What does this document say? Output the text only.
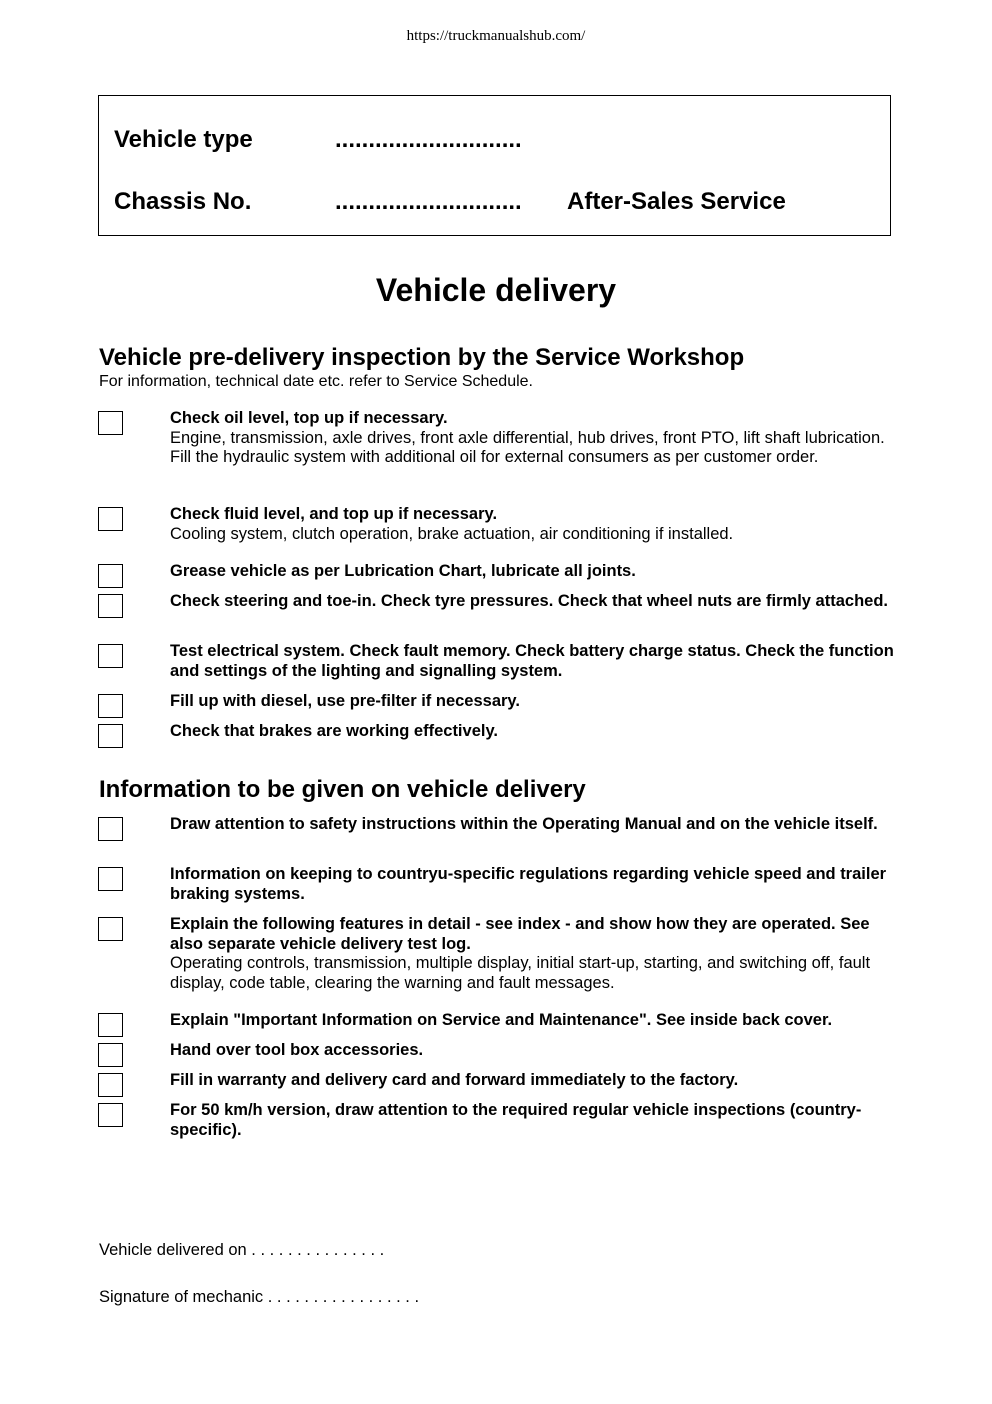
https://truckmanualshub.com/
Vehicle type	............................
Chassis No.	............................ After-Sales Service
Vehicle delivery
Vehicle pre-delivery inspection by the Service Workshop
For information, technical date etc. refer to Service Schedule.
Check oil level, top up if necessary.
Engine, transmission, axle drives, front axle differential, hub drives, front PTO, lift shaft lubrication. Fill the hydraulic system with additional oil for external consumers as per customer order.
Check fluid level, and top up if necessary.
Cooling system, clutch operation, brake actuation, air conditioning if installed.
Grease vehicle as per Lubrication Chart, lubricate all joints.
Check steering and toe-in. Check tyre pressures. Check that wheel nuts are firmly attached.
Test electrical system. Check fault memory. Check battery charge status. Check the function and settings of the lighting and signalling system.
Fill up with diesel, use pre-filter if necessary.
Check that brakes are working effectively.
Information to be given on vehicle delivery
Draw attention to safety instructions within the Operating Manual and on the vehicle itself.
Information on keeping to countryu-specific regulations regarding vehicle speed and trailer braking systems.
Explain the following features in detail - see index - and show how they are operated. See also separate vehicle delivery test log.
Operating controls, transmission, multiple display, initial start-up, starting, and switching off, fault display, code table, clearing the warning and fault messages.
Explain "Important Information on Service and Maintenance". See inside back cover.
Hand over tool box accessories.
Fill in warranty and delivery card and forward immediately to the factory.
For 50 km/h version, draw attention to the required regular vehicle inspections (country-specific).
Vehicle delivered on . . . . . . . . . . . . . . .
Signature of mechanic . . . . . . . . . . . . . . . . .
